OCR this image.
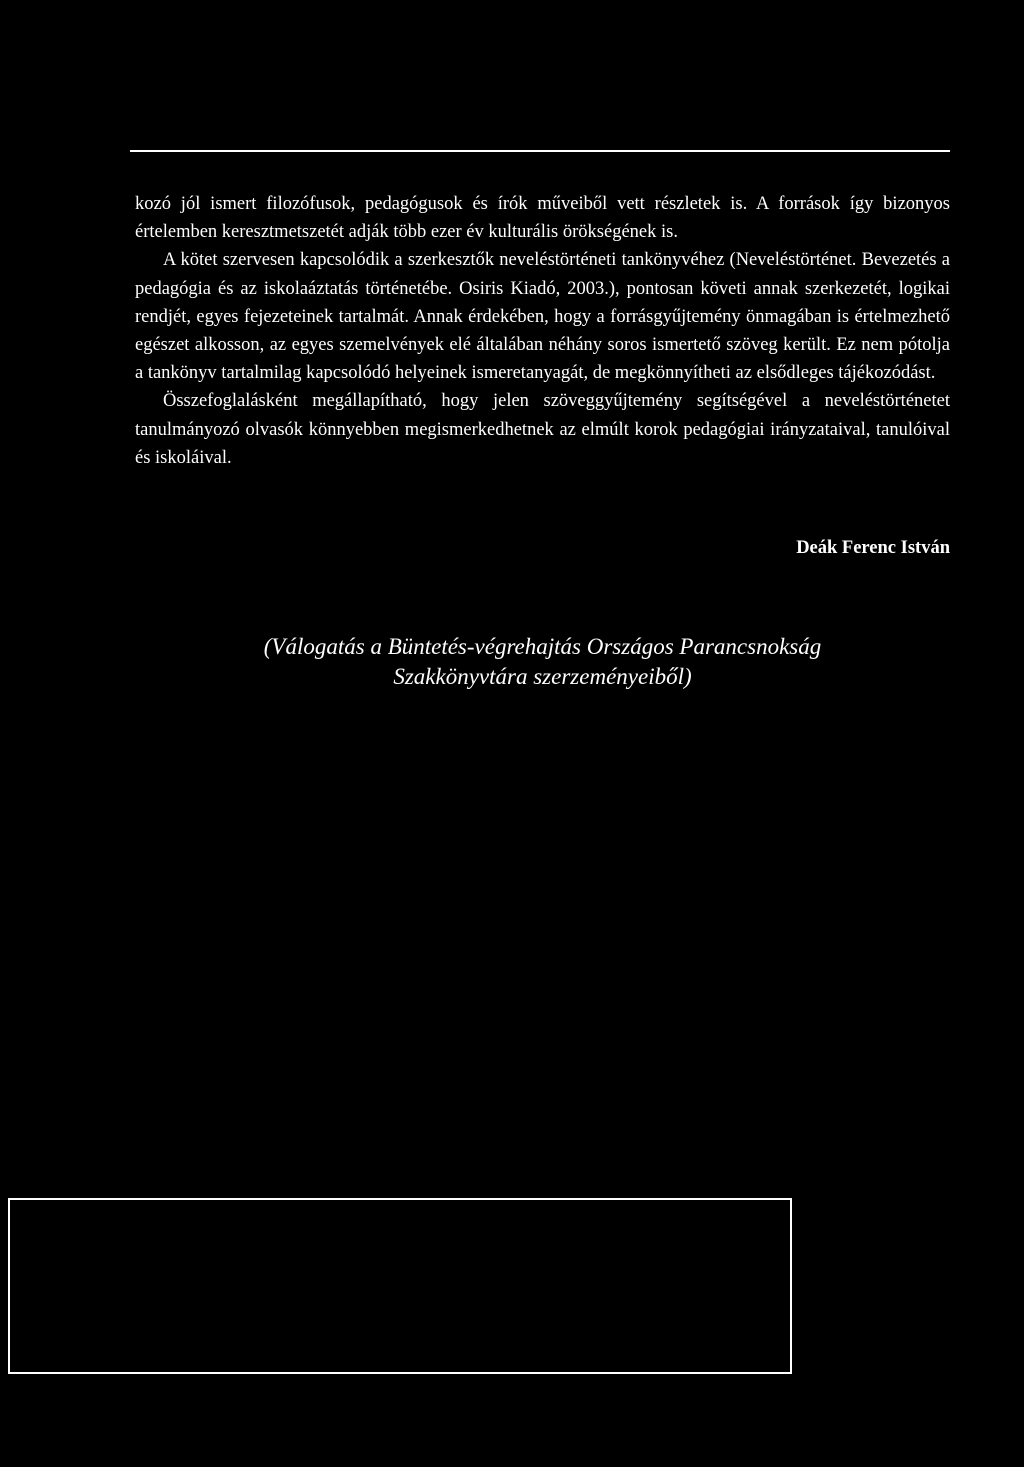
kozó jól ismert filozófusok, pedagógusok és írók műveiből vett részletek is. A források így bizonyos értelemben keresztmetszetét adják több ezer év kulturális örökségének is.

A kötet szervesen kapcsolódik a szerkesztők neveléstörténeti tankönyvéhez (Neveléstörténet. Bevezetés a pedagógia és az iskolaáztatás történetébe. Osiris Kiadó, 2003.), pontosan követi annak szerkezetét, logikai rendjét, egyes fejezeteinek tartalmát. Annak érdekében, hogy a forrásgyűjtemény önmagában is értelmezhető egészet alkosson, az egyes szemelvények elé általában néhány soros ismertető szöveg került. Ez nem pótolja a tankönyv tartalmilag kapcsolódó helyeinek ismeretanyagát, de megkönnyítheti az elsődleges tájékozódást.

Összefoglalásként megállapítható, hogy jelen szöveggyűjtemény segítségével a neveléstörténetet tanulmányozó olvasók könnyebben megismerkedhetnek az elmúlt korok pedagógiai irányzataival, tanulóival és iskoláival.

Deák Ferenc István
(Válogatás a Büntetés-végrehajtás Országos Parancsnokság
Szakkönyvtára szerzeményeiből)
